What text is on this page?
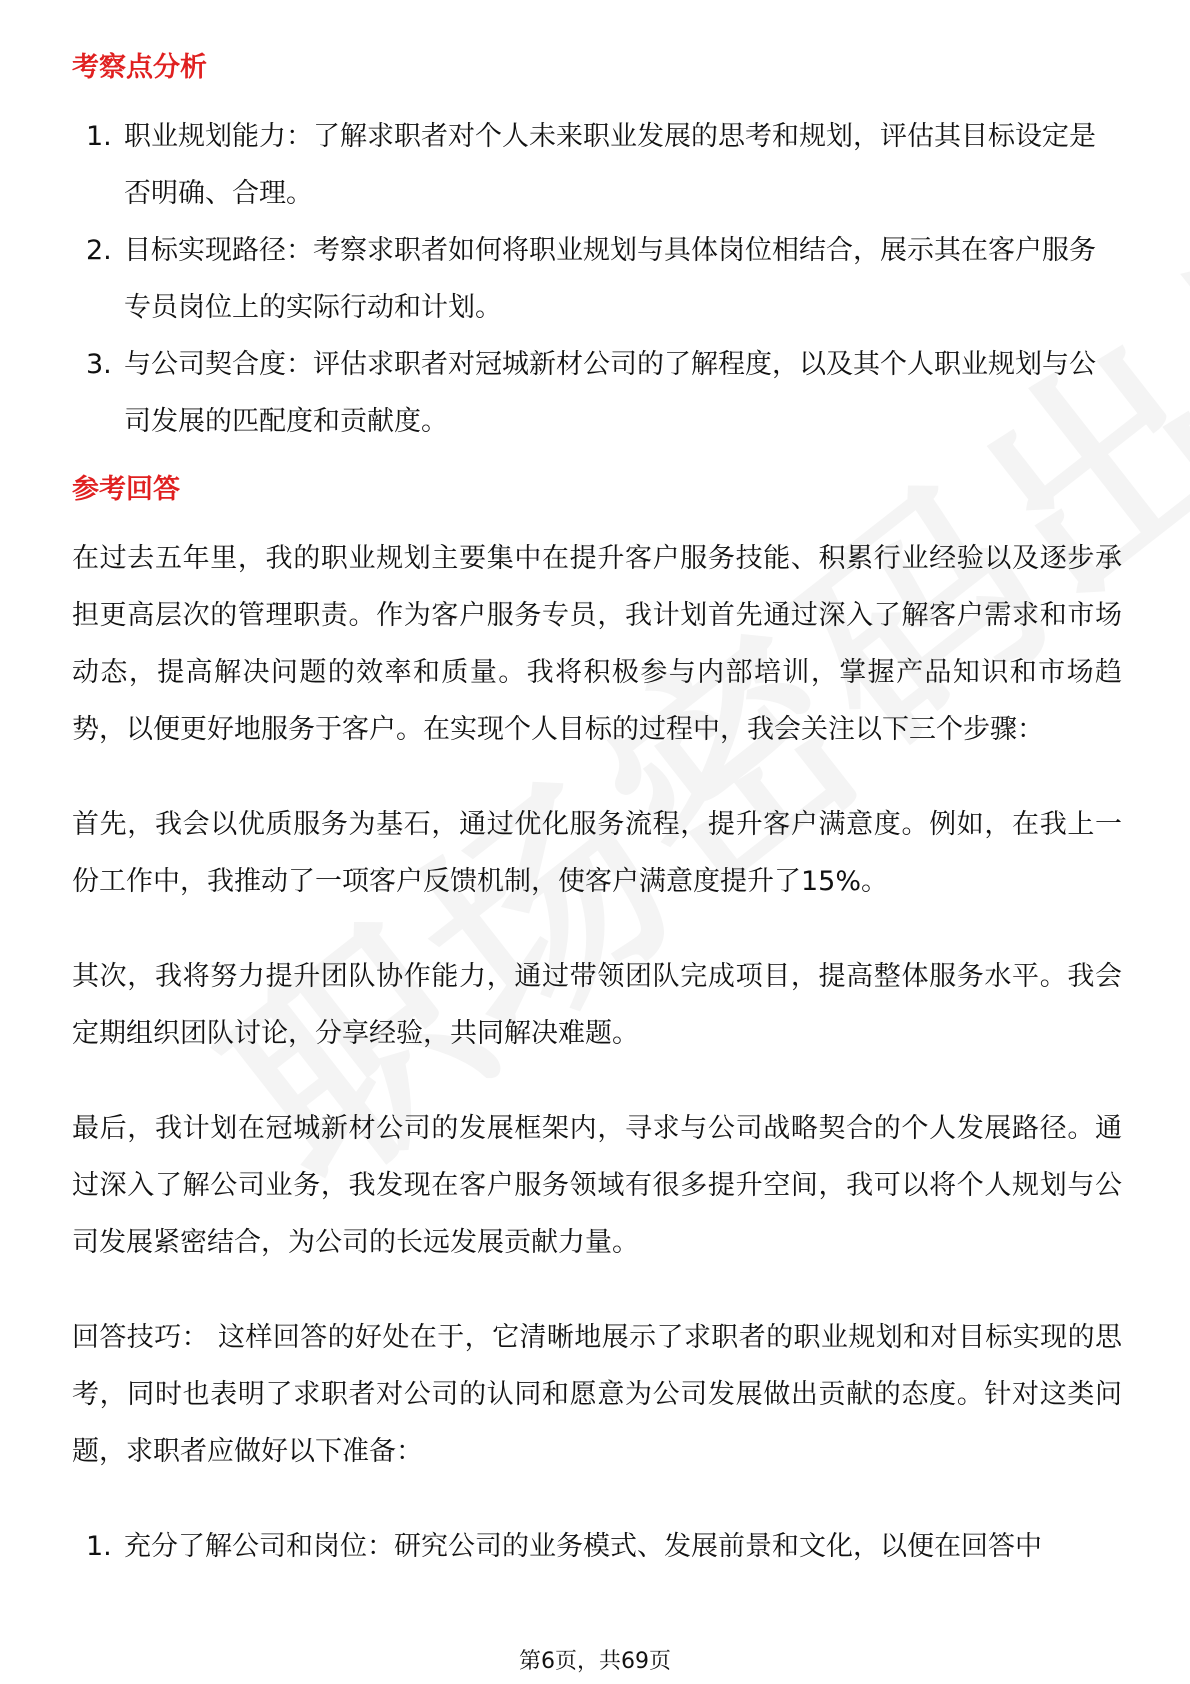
考察点分析
1. 职业规划能力：了解求职者对个人未来职业发展的思考和规划，评估其目标设定是否明确、合理。
2. 目标实现路径：考察求职者如何将职业规划与具体岗位相结合，展示其在客户服务专员岗位上的实际行动和计划。
3. 与公司契合度：评估求职者对冠城新材公司的了解程度，以及其个人职业规划与公司发展的匹配度和贡献度。
参考回答

在过去五年里，我的职业规划主要集中在提升客户服务技能、积累行业经验以及逐步承担更高层次的管理职责。作为客户服务专员，我计划首先通过深入了解客户需求和市场动态，提高解决问题的效率和质量。我将积极参与内部培训，掌握产品知识和市场趋势，以便更好地服务于客户。在实现个人目标的过程中，我会关注以下三个步骤：

首先，我会以优质服务为基石，通过优化服务流程，提升客户满意度。例如，在我上一份工作中，我推动了一项客户反馈机制，使客户满意度提升了15%。

其次，我将努力提升团队协作能力，通过带领团队完成项目，提高整体服务水平。我会定期组织团队讨论，分享经验，共同解决难题。

最后，我计划在冠城新材公司的发展框架内，寻求与公司战略契合的个人发展路径。通过深入了解公司业务，我发现在客户服务领域有很多提升空间，我可以将个人规划与公司发展紧密结合，为公司的长远发展贡献力量。

回答技巧： 这样回答的好处在于，它清晰地展示了求职者的职业规划和对目标实现的思考，同时也表明了求职者对公司的认同和愿意为公司发展做出贡献的态度。针对这类问题，求职者应做好以下准备：

1. 充分了解公司和岗位：研究公司的业务模式、发展前景和文化，以便在回答中
第6页，共69页
